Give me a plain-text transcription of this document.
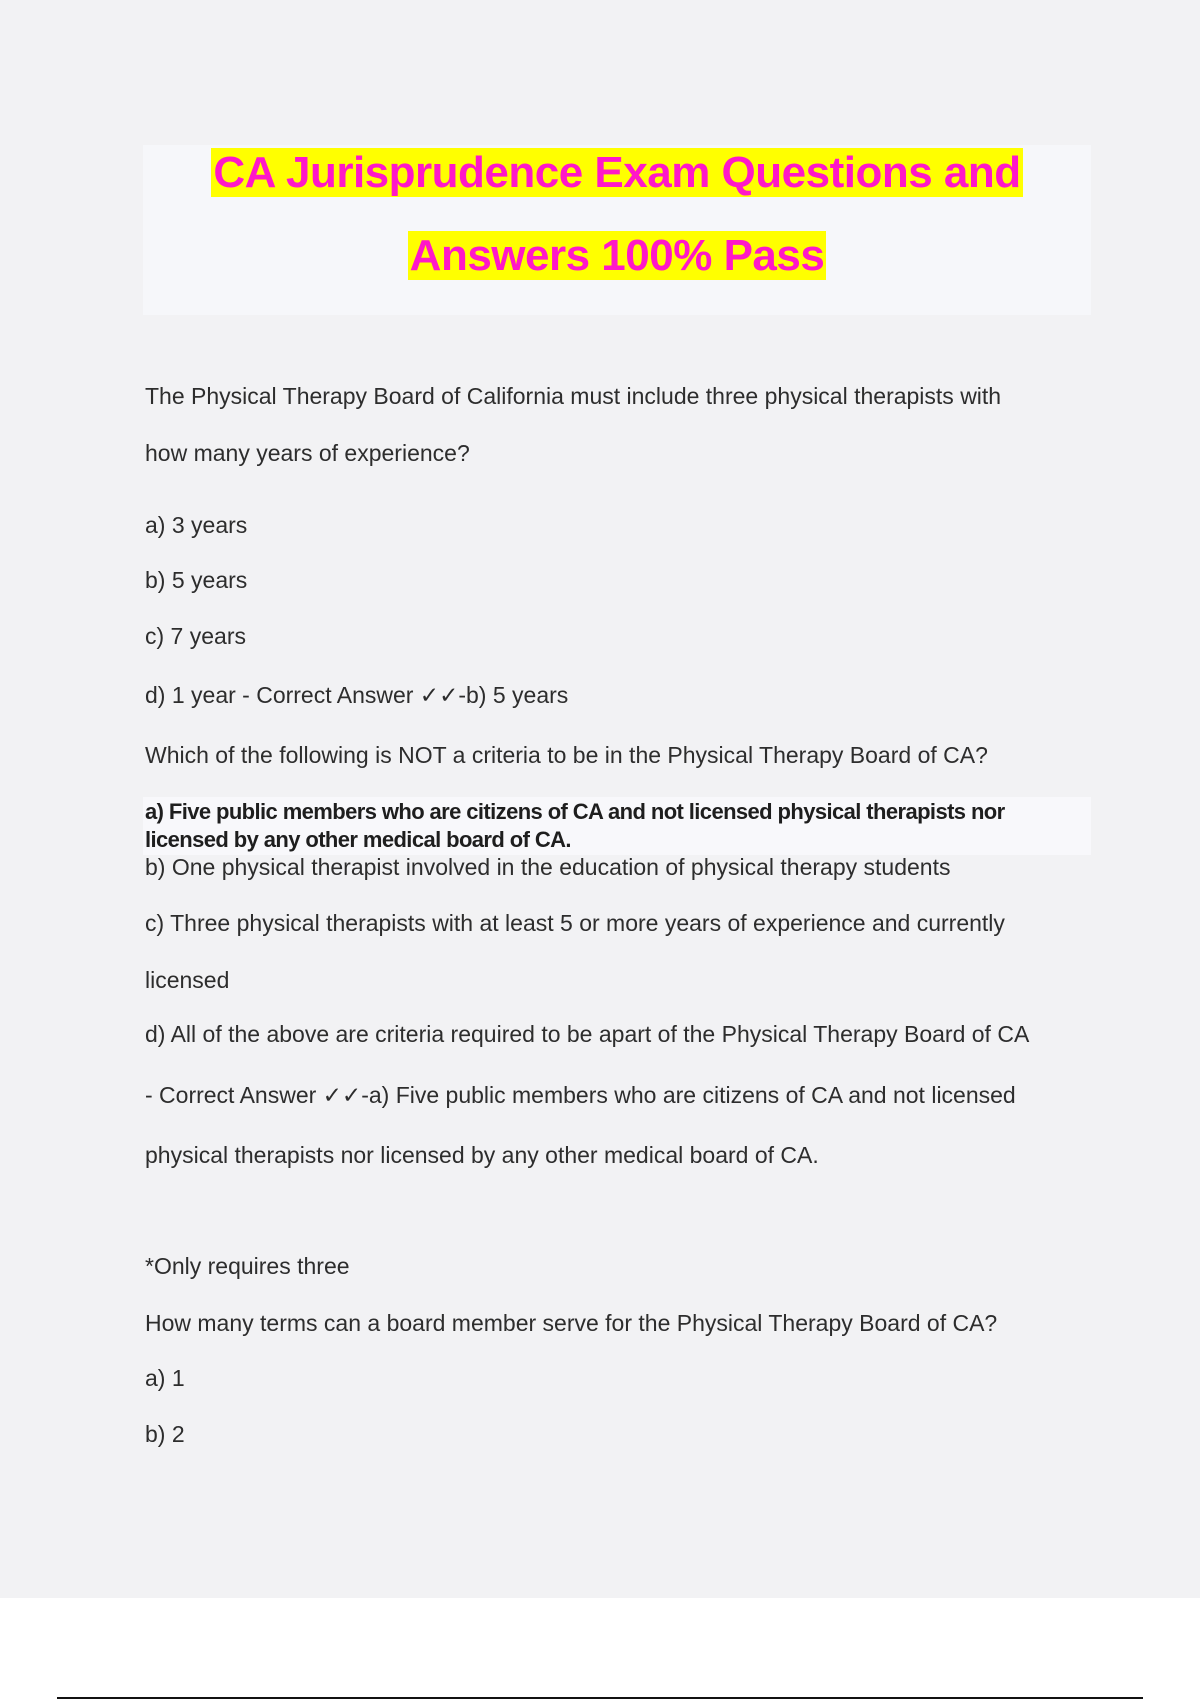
CA Jurisprudence Exam Questions and
Answers 100% Pass
The Physical Therapy Board of California must include three physical therapists with
how many years of experience?
a) 3 years
b) 5 years
c) 7 years
d) 1 year - Correct Answer ✓✓-b) 5 years
Which of the following is NOT a criteria to be in the Physical Therapy Board of CA?
a) Five public members who are citizens of CA and not licensed physical therapists nor
licensed by any other medical board of CA.
b) One physical therapist involved in the education of physical therapy students
c) Three physical therapists with at least 5 or more years of experience and currently
licensed
d) All of the above are criteria required to be apart of the Physical Therapy Board of CA
- Correct Answer ✓✓-a) Five public members who are citizens of CA and not licensed
physical therapists nor licensed by any other medical board of CA.
*Only requires three
How many terms can a board member serve for the Physical Therapy Board of CA?
a) 1
b) 2
